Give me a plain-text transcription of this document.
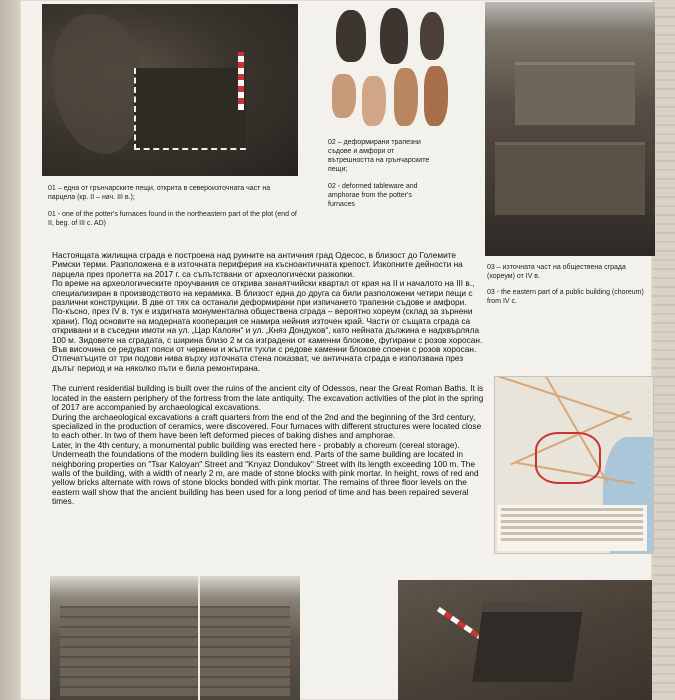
01 – една от грънчарските пещи, открита в североизточната част на парцела (кр. II – нач. III в.);
01 - one of the potter's furnaces found in the northeastern part of the plot (end of II, beg. of III c. AD)
02 – деформирани трапезни съдове и амфори от вътрешността на грънчарските пещи;
02 - deformed tableware and amphorae from the potter's furnaces
03 – източната част на обществена сграда (хореум) от IV в.
03 - the eastern part of a public building (choreum) from IV c.

Настоящата жилищна сграда е построена над руините на античния град Одесос, в близост до Големите Римски терми. Разположена е в източната периферия на късноантичната крепост. Изкопните дейности на парцела през пролетта на 2017 г. са съпътствани от археологически разкопки.

По време на археологическите проучвания се открива занаятчийски квартал от края на II и началото на III в., специализиран в производството на керамика. В близост една до друга са били разположени четири пещи с различни конструкции. В две от тях са останали деформирани при изпичането трапезни съдове и амфори.

По-късно, през IV в. тук е издигната монументална обществена сграда – вероятно хореум (склад за зърнени храни). Под основите на модерната кооперация се намира нейния източен край. Части от същата сграда са откривани и в съседни имоти на ул. „Цар Калоян“ и ул. „Княз Дондуков“, като нейната дължина е надхвърляла 100 м. Зидовете на сградата, с ширина близо 2 м са изградени от каменни блокове, фугирани с розов хоросан. Във височина се редуват пояси от червени и жълти тухли с редове каменни блокове споени с розов хоросан. Отпечатъците от три подови нива върху източната стена показват, че античната сграда е използвана през дълъг период и на няколко пъти е била ремонтирана.

The current residential building is built over the ruins of the ancient city of Odessos, near the Great Roman Baths. It is located in the eastern periphery of the fortress from the late antiquity. The excavation activities of the plot in the spring of 2017 are accompanied by archaeological excavations.

During the archaeological excavations a craft quarters from the end of the 2nd and the beginning of the 3rd century, specialized in the production of ceramics, were discovered. Four furnaces with different structures were located close to each other. In two of them have been left deformed pieces of baking dishes and amphorae.

Later, in the 4th century, a monumental public building was erected here - probably a choreum (cereal storage). Underneath the foundations of the modern building lies its eastern end. Parts of the same building are located in neighboring properties on "Tsar Kaloyan" Street and "Knyaz Dondukov" Street with its length exceeding 100 m. The walls of the building, with a width of nearly 2 m, are made of stone blocks with pink mortar. In height, rows of red and yellow bricks alternate with rows of stone blocks bonded with pink mortar. The remains of three floor levels on the eastern wall show that the ancient building has been used for a long period of time and has been repaired several times.
